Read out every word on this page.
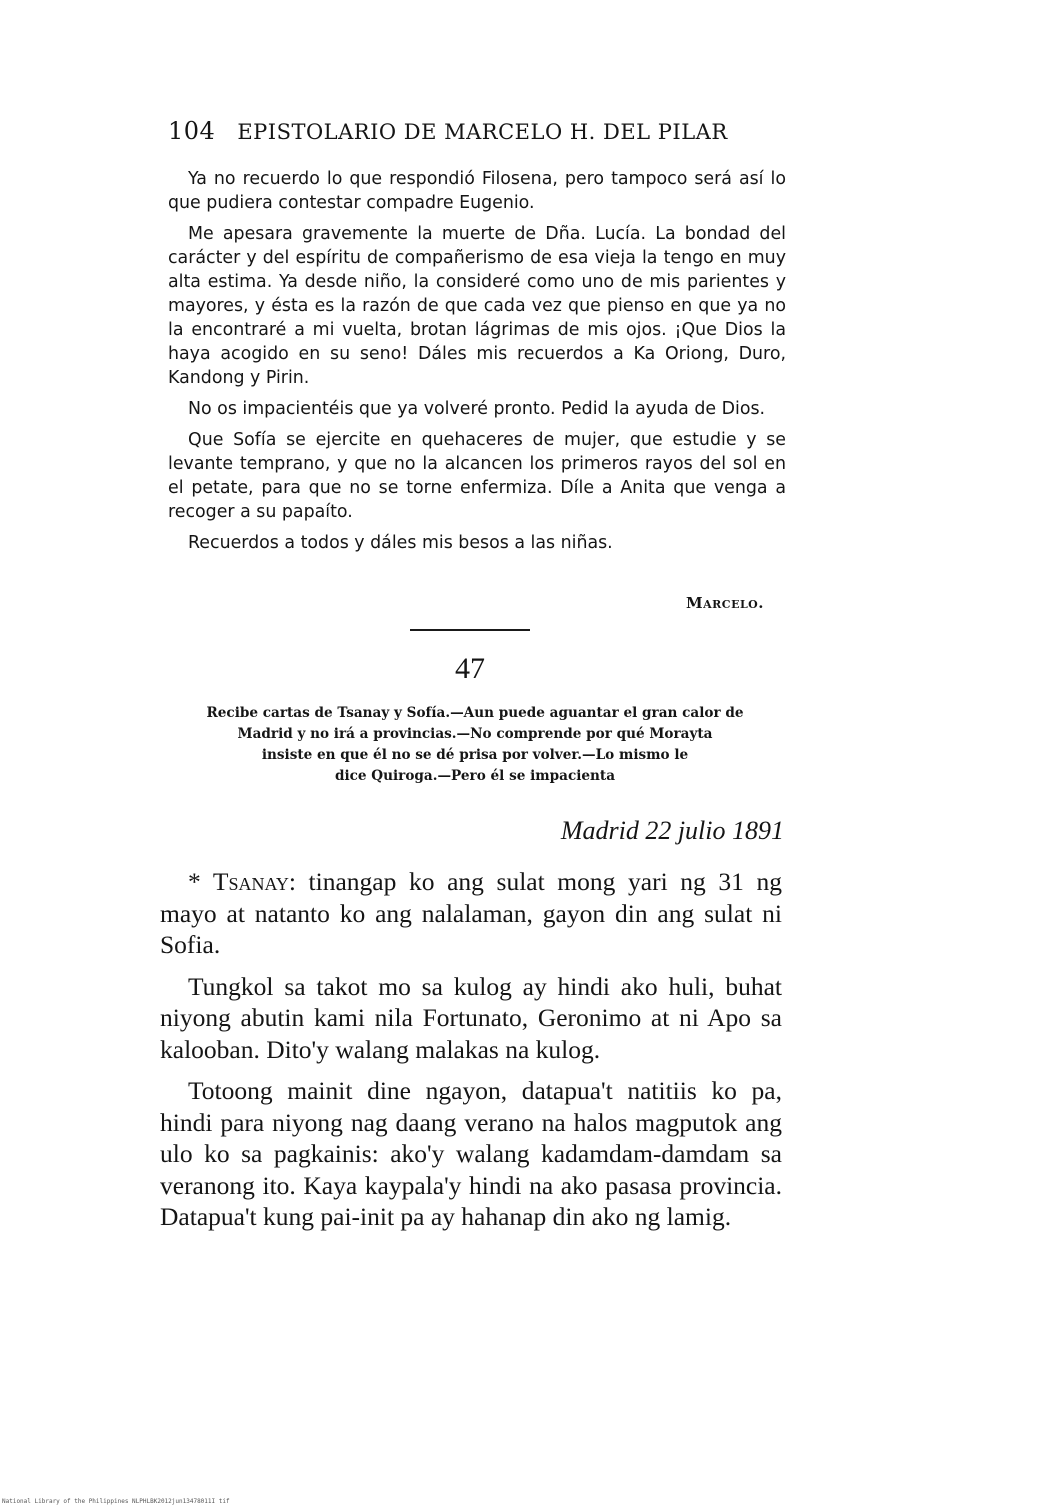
104 EPISTOLARIO DE MARCELO H. DEL PILAR

Ya no recuerdo lo que respondió Filosena, pero tampoco será así lo que pudiera contestar compadre Eugenio.

Me apesara gravemente la muerte de Dña. Lucía. La bondad del carácter y del espíritu de compañerismo de esa vieja la tengo en muy alta estima. Ya desde niño, la consideré como uno de mis parientes y mayores, y ésta es la razón de que cada vez que pienso en que ya no la encontraré a mi vuelta, brotan lágrimas de mis ojos. ¡Que Dios la haya acogido en su seno! Dáles mis recuerdos a Ka Oriong, Duro, Kandong y Pirin.

No os impacientéis que ya volveré pronto. Pedid la ayuda de Dios.

Que Sofía se ejercite en quehaceres de mujer, que estudie y se levante temprano, y que no la alcancen los primeros rayos del sol en el petate, para que no se torne enfermiza. Díle a Anita que venga a recoger a su papaíto.

Recuerdos a todos y dáles mis besos a las niñas.

Marcelo.
47
Recibe cartas de Tsanay y Sofía.—Aun puede aguantar el gran calor de
Madrid y no irá a provincias.—No comprende por qué Morayta
insiste en que él no se dé prisa por volver.—Lo mismo le
dice Quiroga.—Pero él se impacienta
Madrid 22 julio 1891

* Tsanay: tinangap ko ang sulat mong yari ng 31 ng mayo at natanto ko ang nalalaman, gayon din ang sulat ni Sofia.

Tungkol sa takot mo sa kulog ay hindi ako huli, buhat niyong abutin kami nila Fortunato, Geronimo at ni Apo sa kalooban. Dito'y walang malakas na kulog.

Totoong mainit dine ngayon, datapua't natitiis ko pa, hindi para niyong nag daang verano na halos magputok ang ulo ko sa pagkainis: ako'y walang kadamdam-damdam sa veranong ito. Kaya kaypala'y hindi na ako pasasa provincia. Datapua't kung pai-init pa ay hahanap din ako ng lamig.

National Library of the Philippines NLPHLBK2012jun13478011I tif
